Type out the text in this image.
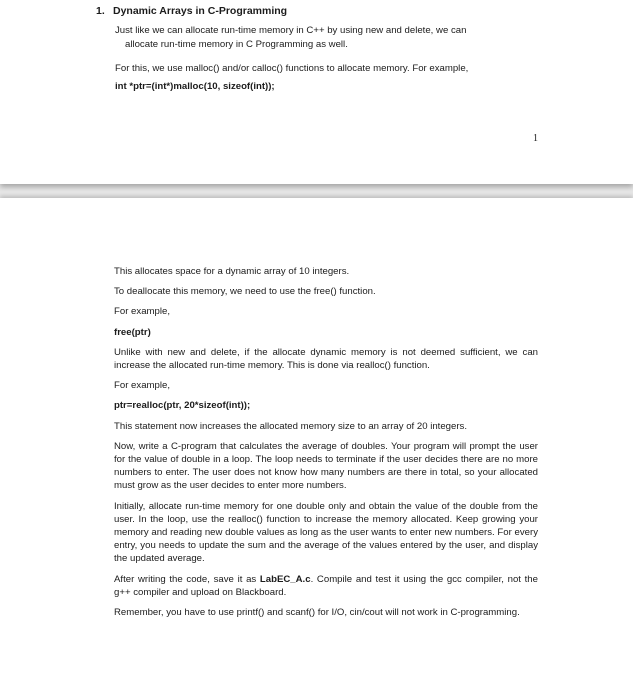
1. Dynamic Arrays in C-Programming
Just like we can allocate run-time memory in C++ by using new and delete, we can
allocate run-time memory in C Programming as well.
For this, we use malloc() and/or calloc() functions to allocate memory. For example,
int *ptr=(int*)malloc(10, sizeof(int));
1

This allocates space for a dynamic array of 10 integers.

To deallocate this memory, we need to use the free() function.

For example,

free(ptr)

Unlike with new and delete, if the allocate dynamic memory is not deemed sufficient, we can increase the allocated run-time memory. This is done via realloc() function.

For example,

ptr=realloc(ptr, 20*sizeof(int));

This statement now increases the allocated memory size to an array of 20 integers.

Now, write a C-program that calculates the average of doubles. Your program will prompt the user for the value of double in a loop. The loop needs to terminate if the user decides there are no more numbers to enter. The user does not know how many numbers are there in total, so your allocated must grow as the user decides to enter more numbers.

Initially, allocate run-time memory for one double only and obtain the value of the double from the user. In the loop, use the realloc() function to increase the memory allocated. Keep growing your memory and reading new double values as long as the user wants to enter new numbers. For every entry, you needs to update the sum and the average of the values entered by the user, and display the updated average.

After writing the code, save it as LabEC_A.c. Compile and test it using the gcc compiler, not the g++ compiler and upload on Blackboard.

Remember, you have to use printf() and scanf() for I/O, cin/cout will not work in C-programming.
